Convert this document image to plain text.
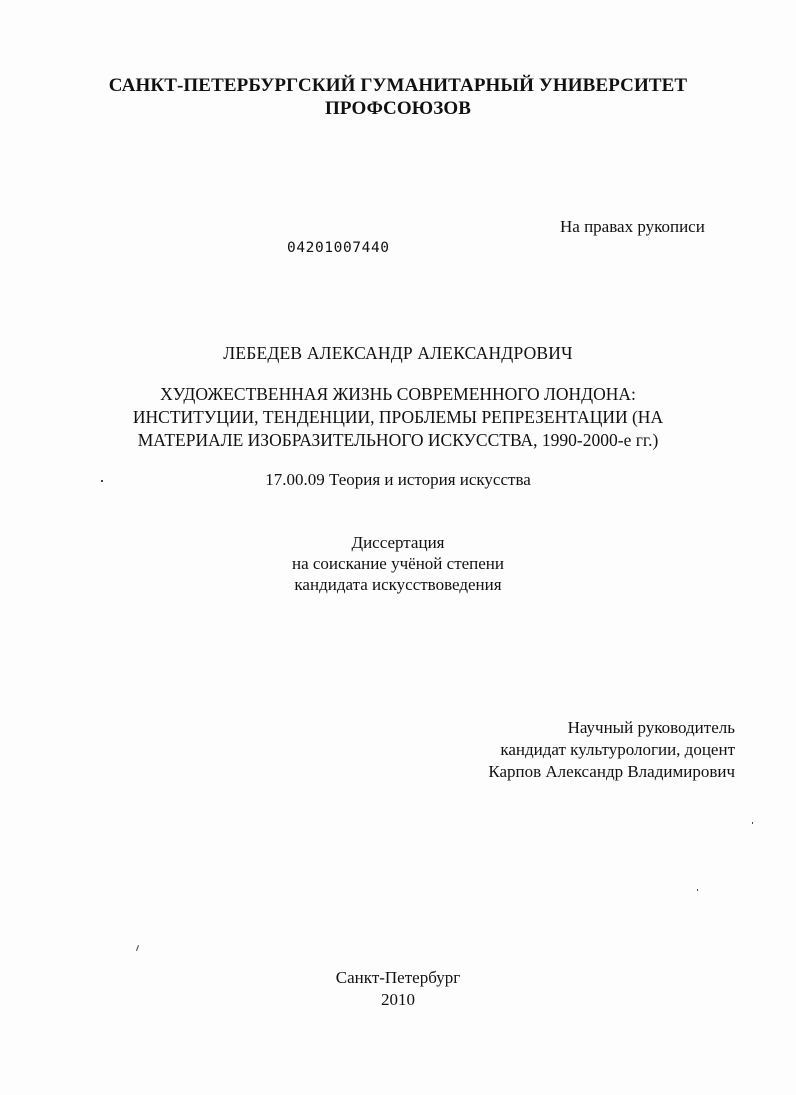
САНКТ-ПЕТЕРБУРГСКИЙ ГУМАНИТАРНЫЙ УНИВЕРСИТЕТ
ПРОФСОЮЗОВ
На правах рукописи
04201007440
ЛЕБЕДЕВ АЛЕКСАНДР АЛЕКСАНДРОВИЧ
ХУДОЖЕСТВЕННАЯ ЖИЗНЬ СОВРЕМЕННОГО ЛОНДОНА:
ИНСТИТУЦИИ, ТЕНДЕНЦИИ, ПРОБЛЕМЫ РЕПРЕЗЕНТАЦИИ (НА
МАТЕРИАЛЕ ИЗОБРАЗИТЕЛЬНОГО ИСКУССТВА, 1990-2000-е гг.)
17.00.09 Теория и история искусства
Диссертация
на соискание учёной степени
кандидата искусствоведения
Научный руководитель
кандидат культурологии, доцент
Карпов Александр Владимирович
Санкт-Петербург
2010
